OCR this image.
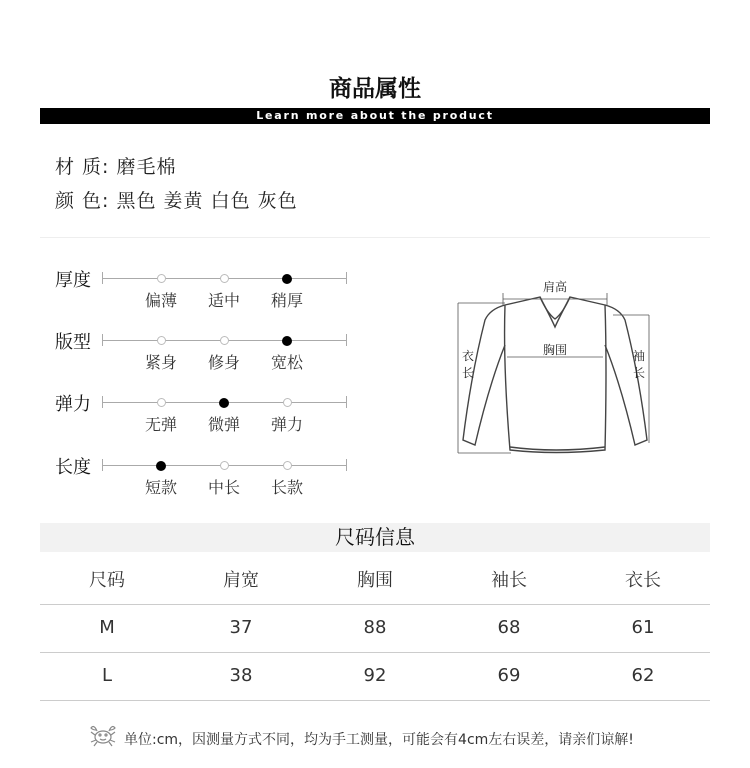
商品属性
Learn more about the product
材 质: 磨毛棉
颜 色: 黑色 姜黄 白色 灰色
厚度
偏薄	适中	稍厚
版型
紧身	修身	宽松
弹力
无弹	微弹	弹力
长度
短款	中长	长款
肩高
胸围
衣
长
袖
长
尺码信息
尺码	肩宽	胸围	袖长	衣长
M	37	88	68	61
L	38	92	69	62
单位:cm，因测量方式不同，均为手工测量，可能会有4cm左右误差，请亲们谅解!
